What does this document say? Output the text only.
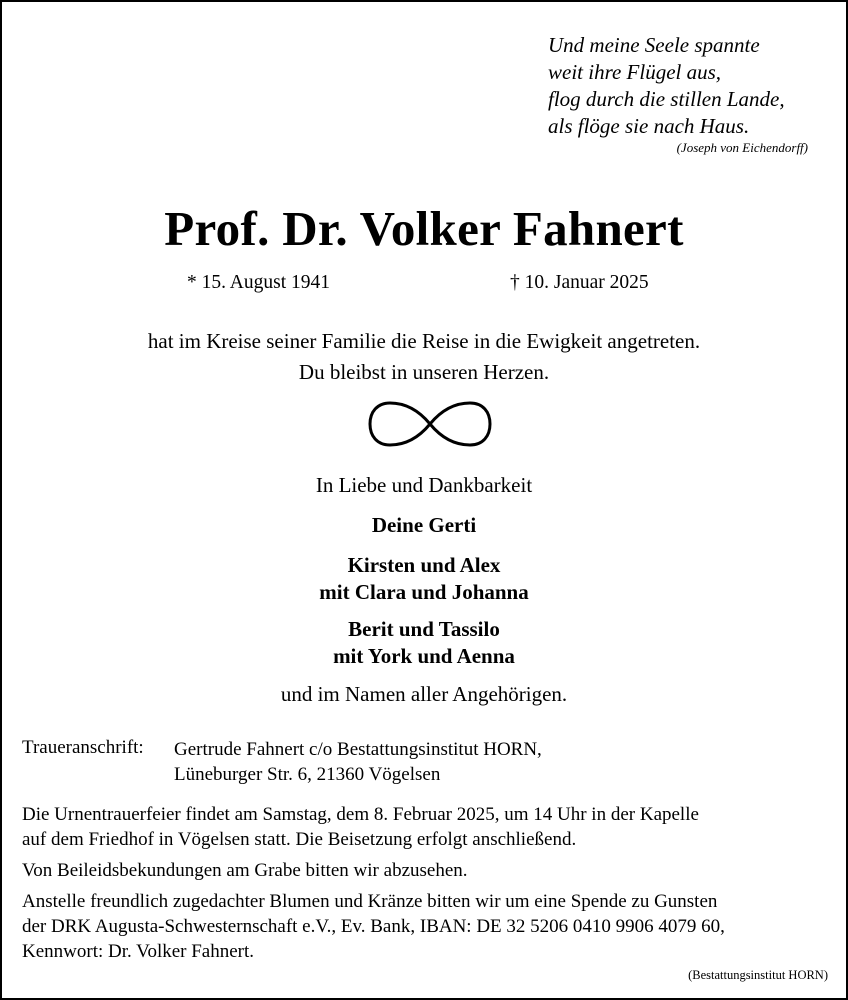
Und meine Seele spannte
weit ihre Flügel aus,
flog durch die stillen Lande,
als flöge sie nach Haus.
(Joseph von Eichendorff)
Prof. Dr. Volker Fahnert
* 15. August 1941	† 10. Januar 2025
hat im Kreise seiner Familie die Reise in die Ewigkeit angetreten.
Du bleibst in unseren Herzen.
In Liebe und Dankbarkeit
Deine Gerti
Kirsten und Alex
mit Clara und Johanna
Berit und Tassilo
mit York und Aenna
und im Namen aller Angehörigen.
Traueranschrift: Gertrude Fahnert c/o Bestattungsinstitut HORN,
Lüneburger Str. 6, 21360 Vögelsen
Die Urnentrauerfeier findet am Samstag, dem 8. Februar 2025, um 14 Uhr in der Kapelle
auf dem Friedhof in Vögelsen statt. Die Beisetzung erfolgt anschließend.
Von Beileidsbekundungen am Grabe bitten wir abzusehen.
Anstelle freundlich zugedachter Blumen und Kränze bitten wir um eine Spende zu Gunsten
der DRK Augusta-Schwesternschaft e.V., Ev. Bank, IBAN: DE 32 5206 0410 9906 4079 60,
Kennwort: Dr. Volker Fahnert.
(Bestattungsinstitut HORN)
